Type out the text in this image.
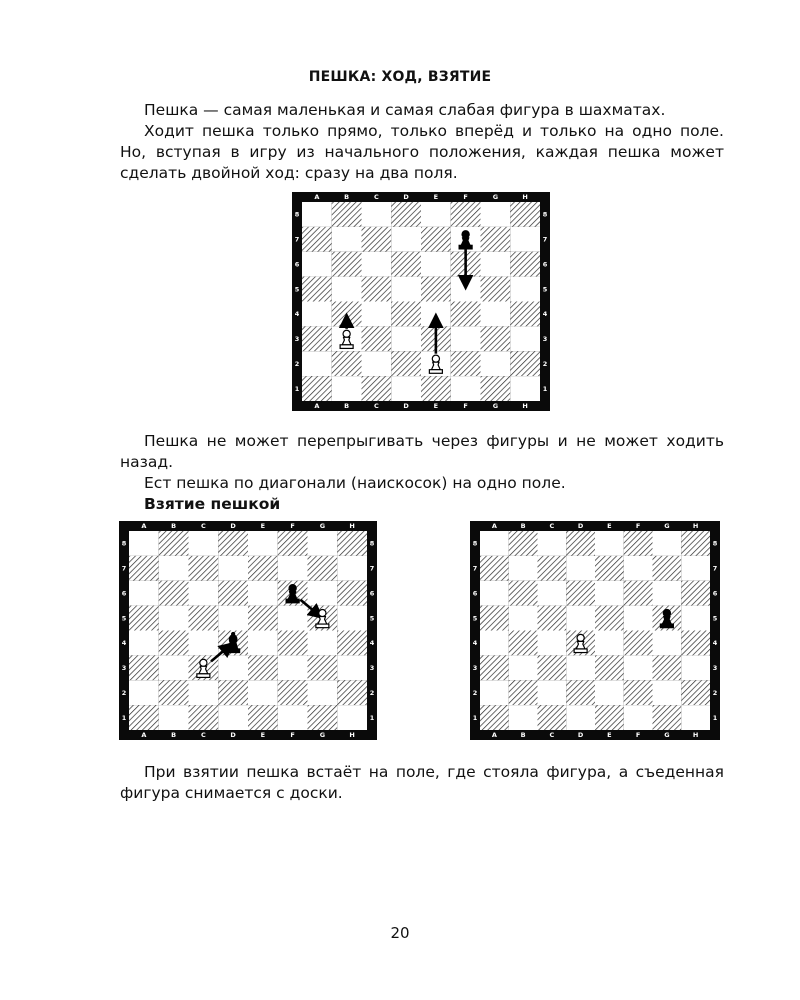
ПЕШКА: ХОД, ВЗЯТИЕ

Пешка — самая маленькая и самая слабая фигура в шахматах.

Ходит пешка только прямо, только вперёд и только на одно поле.

Но, вступая в игру из начального положения, каждая пешка может

сделать двойной ход: сразу на два поля.

A
A
B
B
C
C
D
D
E
E
F
F
G
G
H
H
8	8
7	7
6	6
5	5
4	4
3	3
2	2
1	1

Пешка не может перепрыгивать через фигуры и не может ходить

назад.

Ест пешка по диагонали (наискосок) на одно поле.

Взятие пешкой

A
A
B
B
C
C
D
D
E
E
F
F
G
G
H
H
8	8
7	7
6	6
5	5
4	4
3	3
2	2
1	1
A
A
B
B
C
C
D
D
E
E
F
F
G
G
H
H
8	8
7	7
6	6
5	5
4	4
3	3
2	2
1	1

При взятии пешка встаёт на поле, где стояла фигура, а съеденная

фигура снимается с доски.

20
